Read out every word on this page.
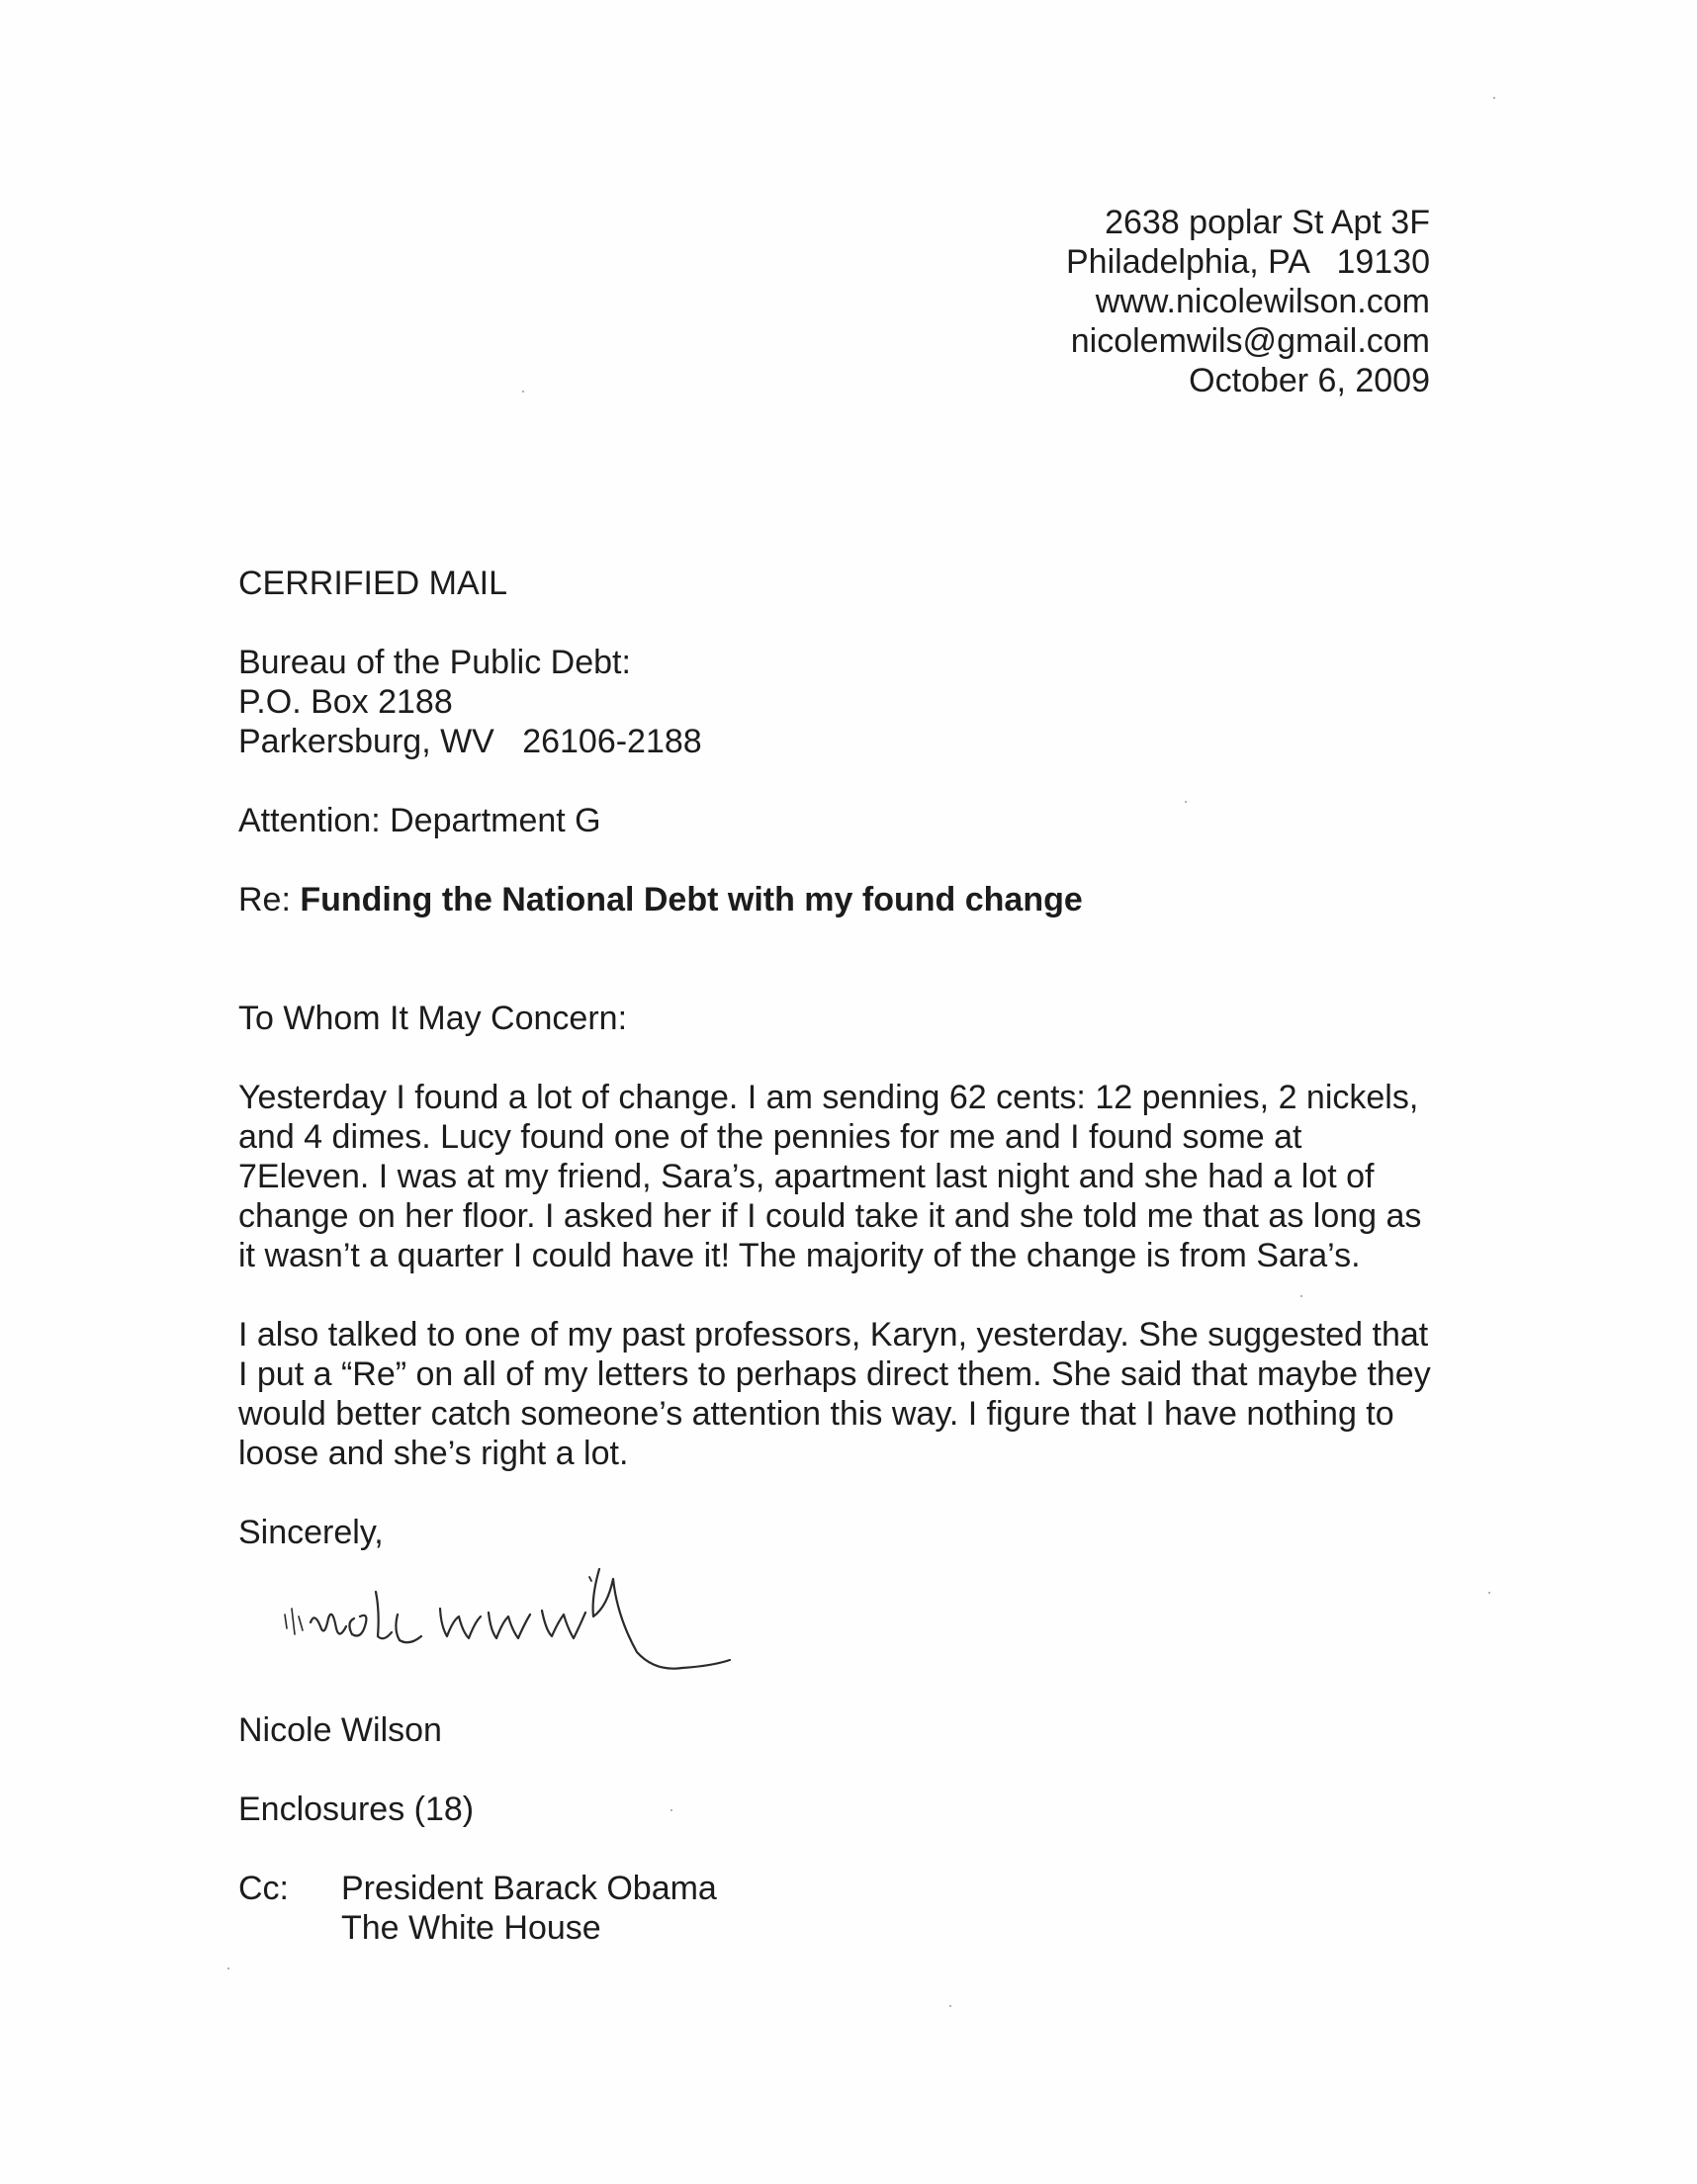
2638 poplar St Apt 3F
Philadelphia, PA   19130
www.nicolewilson.com
nicolemwils@gmail.com
October 6, 2009
CERRIFIED MAIL
Bureau of the Public Debt:
P.O. Box 2188
Parkersburg, WV   26106-2188
Attention: Department G
Re: Funding the National Debt with my found change
To Whom It May Concern:
Yesterday I found a lot of change. I am sending 62 cents: 12 pennies, 2 nickels,
and 4 dimes. Lucy found one of the pennies for me and I found some at
7Eleven. I was at my friend, Sara’s, apartment last night and she had a lot of
change on her floor. I asked her if I could take it and she told me that as long as
it wasn’t a quarter I could have it! The majority of the change is from Sara’s.
I also talked to one of my past professors, Karyn, yesterday. She suggested that
I put a “Re” on all of my letters to perhaps direct them. She said that maybe they
would better catch someone’s attention this way. I figure that I have nothing to
loose and she’s right a lot.
Sincerely,
Nicole Wilson
Enclosures (18)
Cc: President Barack Obama
The White House
